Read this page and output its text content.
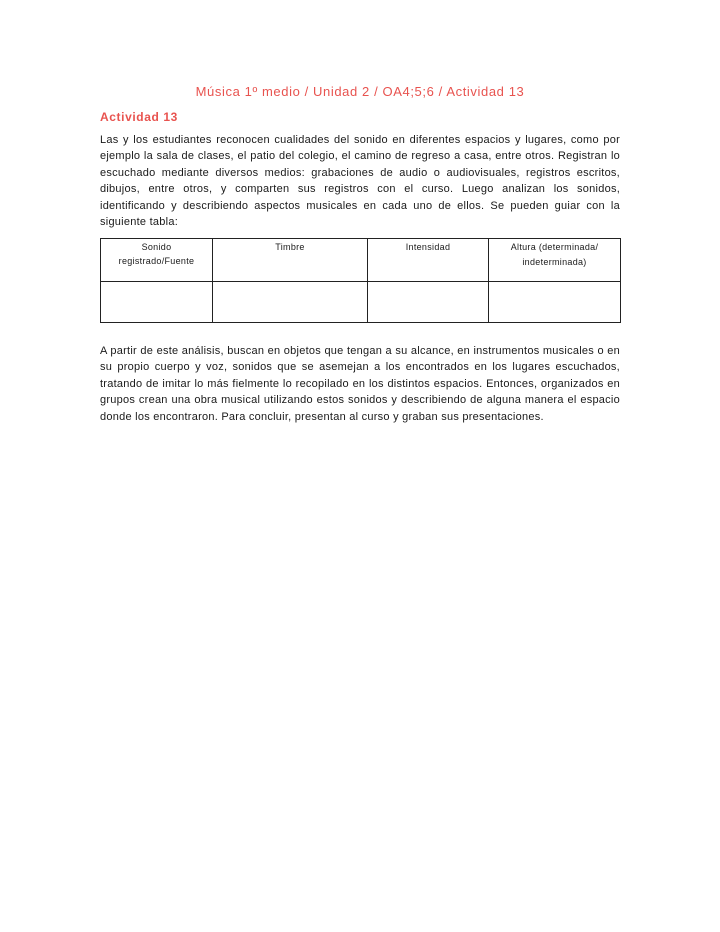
Música 1º medio / Unidad 2 / OA4;5;6 / Actividad 13
Actividad 13

Las y los estudiantes reconocen cualidades del sonido en diferentes espacios y lugares, como por ejemplo la sala de clases, el patio del colegio, el camino de regreso a casa, entre otros. Registran lo escuchado mediante diversos medios: grabaciones de audio o audiovisuales, registros escritos, dibujos, entre otros, y comparten sus registros con el curso. Luego analizan los sonidos, identificando y describiendo aspectos musicales en cada uno de ellos. Se pueden guiar con la siguiente tabla:

Sonido registrado/Fuente	Timbre	Intensidad	Altura (determinada/ indeterminada)

A partir de este análisis, buscan en objetos que tengan a su alcance, en instrumentos musicales o en su propio cuerpo y voz, sonidos que se asemejan a los encontrados en los lugares escuchados, tratando de imitar lo más fielmente lo recopilado en los distintos espacios. Entonces, organizados en grupos crean una obra musical utilizando estos sonidos y describiendo de alguna manera el espacio donde los encontraron. Para concluir, presentan al curso y graban sus presentaciones.
